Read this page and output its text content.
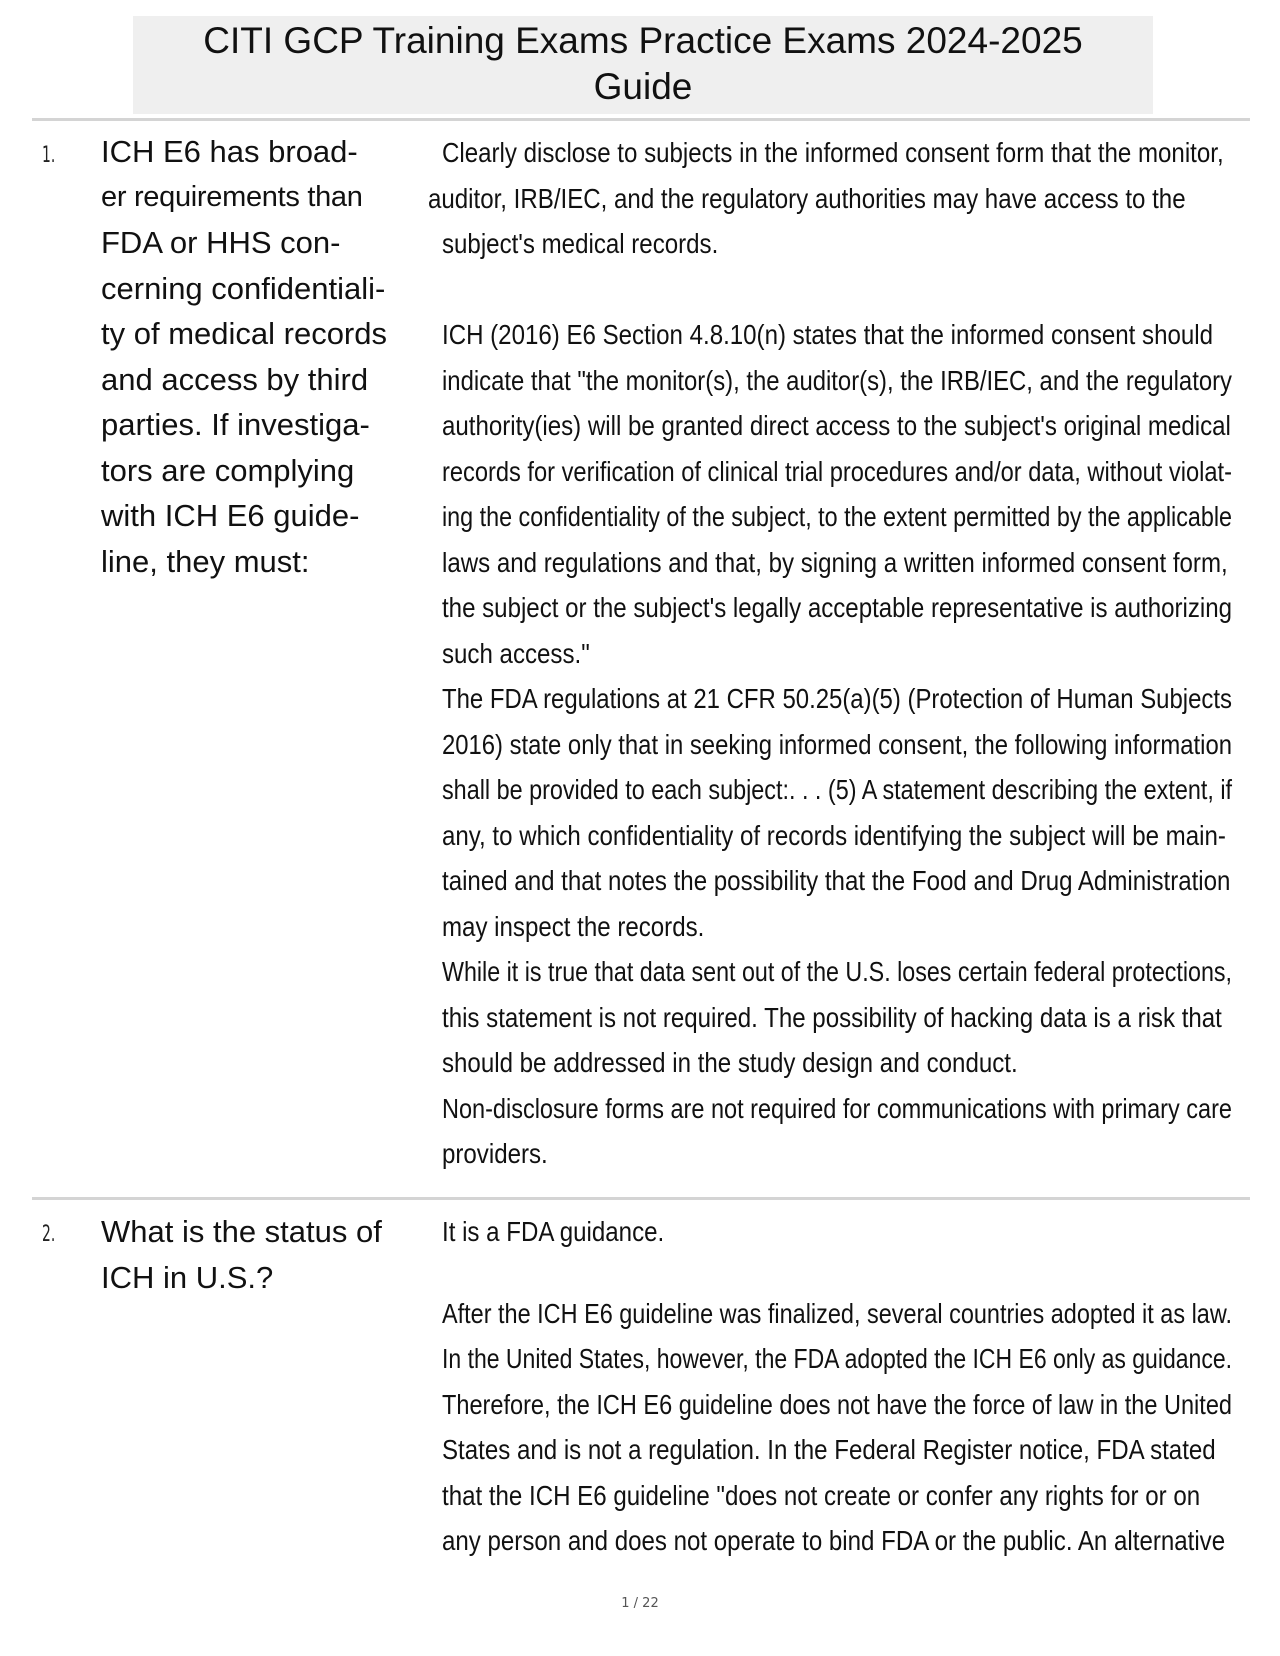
CITI GCP Training Exams Practice Exams 2024-2025
Guide
1. ICH E6 has broad-
er requirements than
FDA or HHS con-
cerning confidentiali-
ty of medical records
and access by third
parties. If investiga-
tors are complying
with ICH E6 guide-
line, they must:
Clearly disclose to subjects in the informed consent form that the monitor,
auditor, IRB/IEC, and the regulatory authorities may have access to the
subject's medical records.

ICH (2016) E6 Section 4.8.10(n) states that the informed consent should
indicate that "the monitor(s), the auditor(s), the IRB/IEC, and the regulatory
authority(ies) will be granted direct access to the subject's original medical
records for verification of clinical trial procedures and/or data, without violat-
ing the confidentiality of the subject, to the extent permitted by the applicable
laws and regulations and that, by signing a written informed consent form,
the subject or the subject's legally acceptable representative is authorizing
such access."
The FDA regulations at 21 CFR 50.25(a)(5) (Protection of Human Subjects
2016) state only that in seeking informed consent, the following information
shall be provided to each subject:. . . (5) A statement describing the extent, if
any, to which confidentiality of records identifying the subject will be main-
tained and that notes the possibility that the Food and Drug Administration
may inspect the records.
While it is true that data sent out of the U.S. loses certain federal protections,
this statement is not required. The possibility of hacking data is a risk that
should be addressed in the study design and conduct.
Non-disclosure forms are not required for communications with primary care
providers.
2. What is the status of
ICH in U.S.?
It is a FDA guidance.

After the ICH E6 guideline was finalized, several countries adopted it as law.
In the United States, however, the FDA adopted the ICH E6 only as guidance.
Therefore, the ICH E6 guideline does not have the force of law in the United
States and is not a regulation. In the Federal Register notice, FDA stated
that the ICH E6 guideline "does not create or confer any rights for or on
any person and does not operate to bind FDA or the public. An alternative
1 / 22
